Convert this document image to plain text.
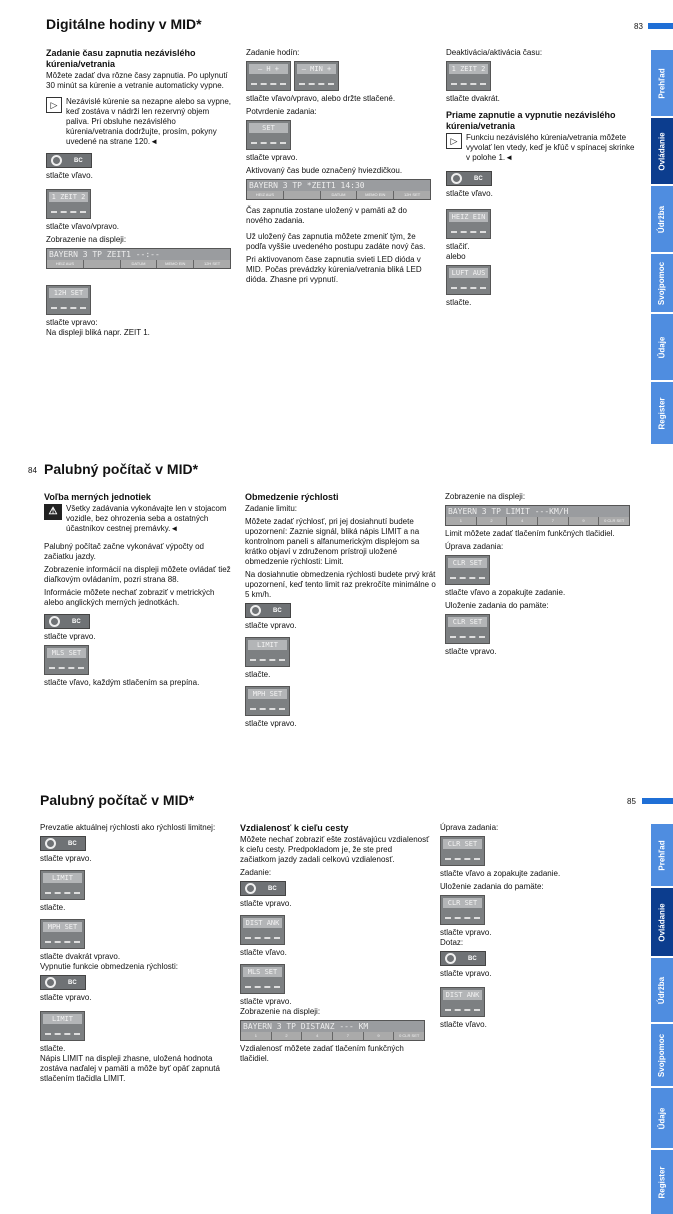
Digitálne hodiny v MID*	83
Zadanie času zapnutia nezávislého kúrenia/vetrania

Môžete zadať dva rôzne časy zapnutia. Po uplynutí 30 minút sa kúrenie a vetranie automaticky vypne.

▷	Nezávislé kúrenie sa nezapne alebo sa vypne, keď zostáva v nádrži len rezervný objem paliva. Pri obsluhe nezávislého kúrenia/vetrania dodržujte, prosím, pokyny uvedené na strane 120.◄
BC

stlačte vľavo.

1 ZEIT 2

stlačte vľavo/vpravo.

Zobrazenie na displeji:

BAYERN 3 TP ZEIT1 --:--
HEIZ AUS	DATUM	MEMO EIN	12H SET
12H SET

stlačte vpravo:

Na displeji bliká napr. ZEIT 1.

Zadanie hodín:

– H +	– MIN +

stlačte vľavo/vpravo, alebo držte stlačené.

Potvrdenie zadania:

SET

stlačte vpravo.

Aktivovaný čas bude označený hviezdičkou.

BAYERN 3 TP *ZEIT1 14:30
HEIZ AUS	DATUM	MEMO EIN	12H SET

Čas zapnutia zostane uložený v pamäti až do nového zadania.

Už uložený čas zapnutia môžete zmeniť tým, že podľa vyššie uvedeného postupu zadáte nový čas.

Pri aktivovanom čase zapnutia svieti LED dióda v MID. Počas prevádzky kúrenia/vetrania bliká LED dióda. Zhasne pri vypnutí.

Deaktivácia/aktivácia času:

1 ZEIT 2

stlačte dvakrát.

Priame zapnutie a vypnutie nezávislého kúrenia/vetrania
▷	Funkciu nezávislého kúrenia/vetrania môžete vyvolať len vtedy, keď je kľúč v spínacej skrinke v polohe 1.◄
BC

stlačte vľavo.

HEIZ EIN

stlačiť.

alebo

LUFT AUS

stlačte.

Prehľad
Ovládanie
Údržba
Svojpomoc
Údaje
Register
84 Palubný počítač v MID*
Voľba merných jednotiek
⚠	Všetky zadávania vykonávajte len v stojacom vozidle, bez ohrozenia seba a ostatných účastníkov cestnej premávky.◄

Palubný počítač začne vykonávať výpočty od začiatku jazdy.

Zobrazenie informácií na displeji môžete ovládať tiež diaľkovým ovládaním, pozri strana 88.

Informácie môžete nechať zobraziť v metrických alebo anglických merných jednotkách.

BC

stlačte vpravo.

MLS SET

stlačte vľavo, každým stlačením sa prepína.

Obmedzenie rýchlosti

Zadanie limitu:

Môžete zadať rýchlosť, pri jej dosiahnutí budete upozornení: Zaznie signál, bliká nápis LIMIT a na kontrolnom paneli s alfanumerickým displejom sa krátko objaví v združenom prístroji uložené obmedzenie rýchlosti: Limit.

Na dosiahnutie obmedzenia rýchlosti budete prvý krát upozornení, keď tento limit raz prekročíte minimálne o 5 km/h.

BC

stlačte vpravo.

LIMIT

stlačte.

MPH SET

stlačte vpravo.

Zobrazenie na displeji:

BAYERN 3 TP LIMIT ---KM/H
1	2	4	7	9	0 CLR SET

Limit môžete zadať tlačením funkčných tlačidiel.

Úprava zadania:

CLR SET

stlačte vľavo a zopakujte zadanie.

Uloženie zadania do pamäte:

CLR SET

stlačte vpravo.

Palubný počítač v MID*	85

Prevzatie aktuálnej rýchlosti ako rýchlosti limitnej:

BC

stlačte vpravo.

LIMIT

stlačte.

MPH SET

stlačte dvakrát vpravo.

Vypnutie funkcie obmedzenia rýchlosti:

BC

stlačte vpravo.

LIMIT

stlačte.

Nápis LIMIT na displeji zhasne, uložená hodnota zostáva naďalej v pamäti a môže byť opäť zapnutá stlačením tlačidla LIMIT.

Vzdialenosť k cieľu cesty

Môžete nechať zobraziť ešte zostávajúcu vzdialenosť k cieľu cesty. Predpokladom je, že ste pred začiatkom jazdy zadali celkovú vzdialenosť.

Zadanie:

BC

stlačte vpravo.

DIST ANK

stlačte vľavo.

MLS SET

stlačte vpravo.

Zobrazenie na displeji:

BAYERN 3 TP DISTANZ --- KM
1	2	4	7	9	0 CLR SET

Vzdialenosť môžete zadať tlačením funkčných tlačidiel.

Úprava zadania:

CLR SET

stlačte vľavo a zopakujte zadanie.

Uloženie zadania do pamäte:

CLR SET

stlačte vpravo.

Dotaz:

BC

stlačte vpravo.

DIST ANK

stlačte vľavo.

Prehľad
Ovládanie
Údržba
Svojpomoc
Údaje
Register
